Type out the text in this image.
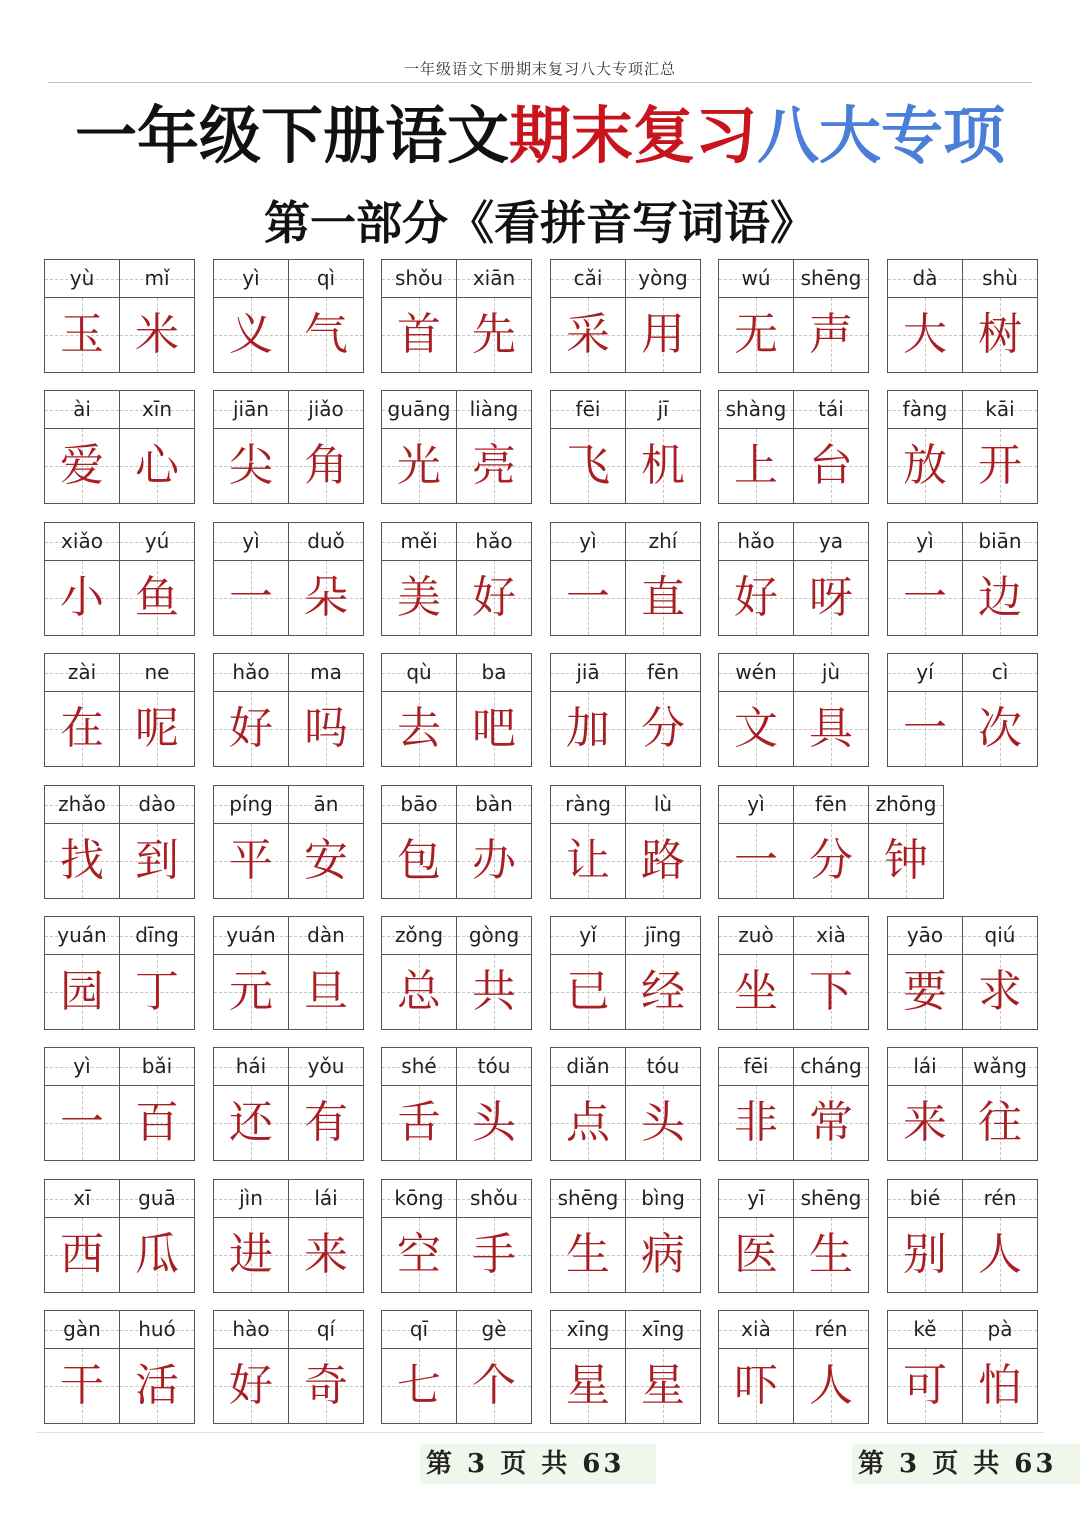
一年级语文下册期末复习八大专项汇总
一年级下册语文期末复习八大专项
第一部分《看拼音写词语》
yù
玉
mǐ
米
yì
义
qì
气
shǒu
首
xiān
先
cǎi
采
yòng
用
wú
无
shēng
声
dà
大
shù
树
ài
爱
xīn
心
jiān
尖
jiǎo
角
guāng
光
liàng
亮
fēi
飞
jī
机
shàng
上
tái
台
fàng
放
kāi
开
xiǎo
小
yú
鱼
yì
一
duǒ
朵
měi
美
hǎo
好
yì
一
zhí
直
hǎo
好
ya
呀
yì
一
biān
边
zài
在
ne
呢
hǎo
好
ma
吗
qù
去
ba
吧
jiā
加
fēn
分
wén
文
jù
具
yí
一
cì
次
zhǎo
找
dào
到
píng
平
ān
安
bāo
包
bàn
办
ràng
让
lù
路
yì
一
fēn
分
zhōng
钟
yuán
园
dīng
丁
yuán
元
dàn
旦
zǒng
总
gòng
共
yǐ
已
jīng
经
zuò
坐
xià
下
yāo
要
qiú
求
yì
一
bǎi
百
hái
还
yǒu
有
shé
舌
tóu
头
diǎn
点
tóu
头
fēi
非
cháng
常
lái
来
wǎng
往
xī
西
guā
瓜
jìn
进
lái
来
kōng
空
shǒu
手
shēng
生
bìng
病
yī
医
shēng
生
bié
别
rén
人
gàn
干
huó
活
hào
好
qí
奇
qī
七
gè
个
xīng
星
xīng
星
xià
吓
rén
人
kě
可
pà
怕
第 3 页 共 63	第 3 页 共 63
